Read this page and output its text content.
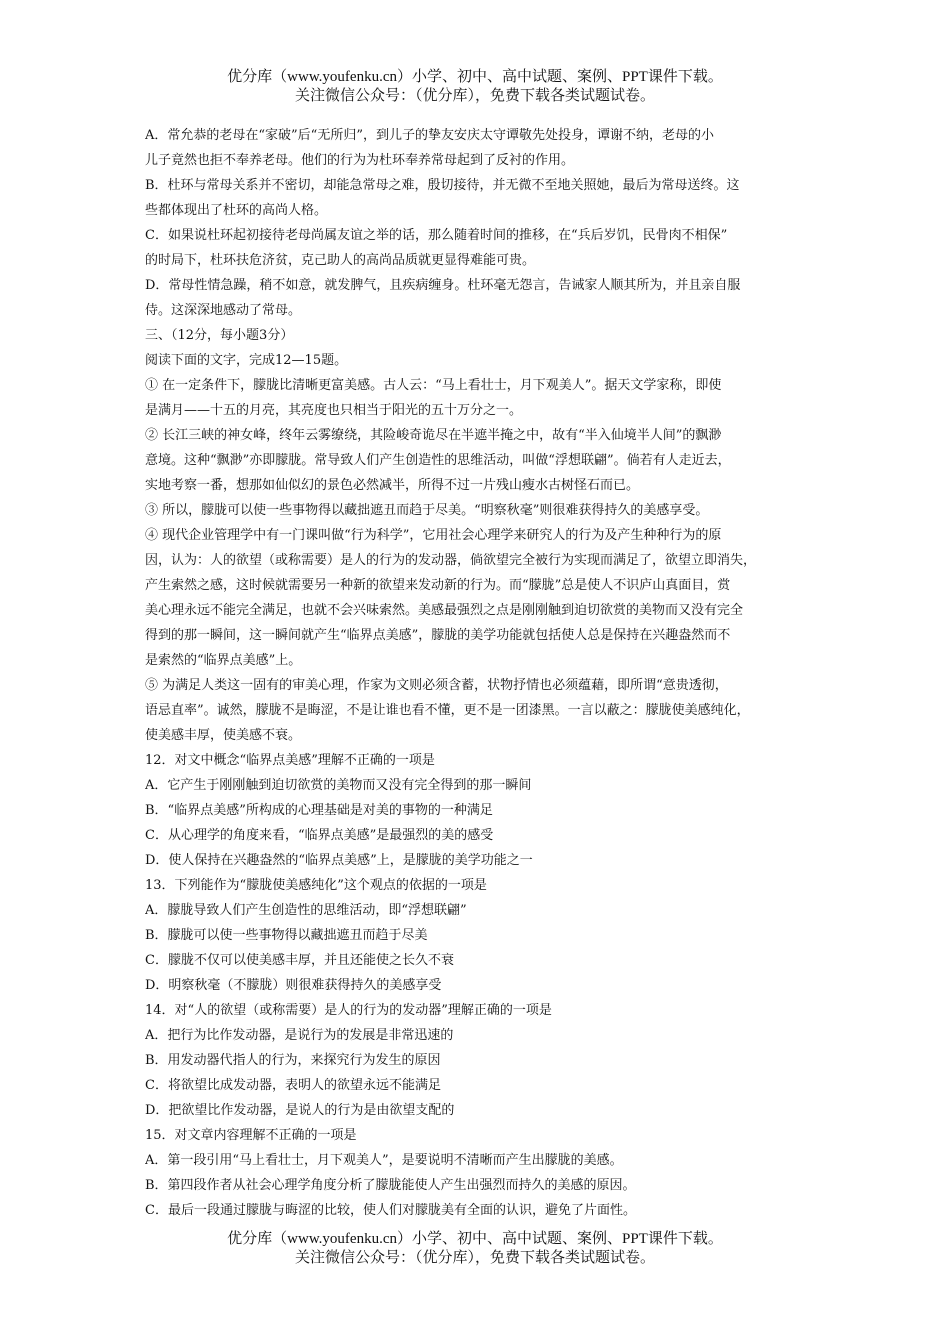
优分库（www.youfenku.cn）小学、初中、高中试题、案例、PPT课件下载。
关注微信公众号：（优分库），免费下载各类试题试卷。
A．常允恭的老母在“家破”后“无所归”，到儿子的挚友安庆太守谭敬先处投身，谭谢不纳，老母的小
儿子竟然也拒不奉养老母。他们的行为为杜环奉养常母起到了反衬的作用。
B．杜环与常母关系并不密切，却能急常母之难，殷切接待，并无微不至地关照她，最后为常母送终。这
些都体现出了杜环的高尚人格。
C．如果说杜环起初接待老母尚属友谊之举的话，那么随着时间的推移，在“兵后岁饥，民骨肉不相保”
的时局下，杜环扶危济贫，克己助人的高尚品质就更显得难能可贵。
D．常母性情急躁，稍不如意，就发脾气，且疾病缠身。杜环毫无怨言，告诫家人顺其所为，并且亲自服
侍。这深深地感动了常母。
三、（12分，每小题3分）
阅读下面的文字，完成12—15题。
① 在一定条件下，朦胧比清晰更富美感。古人云：“马上看壮士，月下观美人”。据天文学家称，即使
是满月——十五的月亮，其亮度也只相当于阳光的五十万分之一。
② 长江三峡的神女峰，终年云雾缭绕，其险峻奇诡尽在半遮半掩之中，故有“半入仙境半人间”的飘渺
意境。这种“飘渺”亦即朦胧。常导致人们产生创造性的思维活动，叫做“浮想联翩”。倘若有人走近去，
实地考察一番，想那如仙似幻的景色必然减半，所得不过一片残山瘦水古树怪石而已。
③ 所以，朦胧可以使一些事物得以藏拙遮丑而趋于尽美。“明察秋毫”则很难获得持久的美感享受。
④ 现代企业管理学中有一门课叫做“行为科学”，它用社会心理学来研究人的行为及产生种种行为的原
因，认为：人的欲望（或称需要）是人的行为的发动器，倘欲望完全被行为实现而满足了，欲望立即消失，
产生索然之感，这时候就需要另一种新的欲望来发动新的行为。而“朦胧”总是使人不识庐山真面目，赏
美心理永远不能完全满足，也就不会兴味索然。美感最强烈之点是刚刚触到迫切欲赏的美物而又没有完全
得到的那一瞬间，这一瞬间就产生“临界点美感”，朦胧的美学功能就包括使人总是保持在兴趣盎然而不
是索然的“临界点美感”上。
⑤ 为满足人类这一固有的审美心理，作家为文则必须含蓄，状物抒情也必须蕴藉，即所谓“意贵透彻，
语忌直率”。诚然，朦胧不是晦涩，不是让谁也看不懂，更不是一团漆黑。一言以蔽之：朦胧使美感纯化，
使美感丰厚，使美感不衰。
12．对文中概念“临界点美感”理解不正确的一项是
A．它产生于刚刚触到迫切欲赏的美物而又没有完全得到的那一瞬间
B．“临界点美感”所构成的心理基础是对美的事物的一种满足
C．从心理学的角度来看，“临界点美感”是最强烈的美的感受
D．使人保持在兴趣盎然的“临界点美感”上，是朦胧的美学功能之一
13．下列能作为“朦胧使美感纯化”这个观点的依据的一项是
A．朦胧导致人们产生创造性的思维活动，即“浮想联翩”
B．朦胧可以使一些事物得以藏拙遮丑而趋于尽美
C．朦胧不仅可以使美感丰厚，并且还能使之长久不衰
D．明察秋毫（不朦胧）则很难获得持久的美感享受
14．对“人的欲望（或称需要）是人的行为的发动器”理解正确的一项是
A．把行为比作发动器，是说行为的发展是非常迅速的
B．用发动器代指人的行为，来探究行为发生的原因
C．将欲望比成发动器，表明人的欲望永远不能满足
D．把欲望比作发动器，是说人的行为是由欲望支配的
15．对文章内容理解不正确的一项是
A．第一段引用“马上看壮士，月下观美人”，是要说明不清晰而产生出朦胧的美感。
B．第四段作者从社会心理学角度分析了朦胧能使人产生出强烈而持久的美感的原因。
C．最后一段通过朦胧与晦涩的比较，使人们对朦胧美有全面的认识，避免了片面性。
优分库（www.youfenku.cn）小学、初中、高中试题、案例、PPT课件下载。
关注微信公众号：（优分库），免费下载各类试题试卷。
